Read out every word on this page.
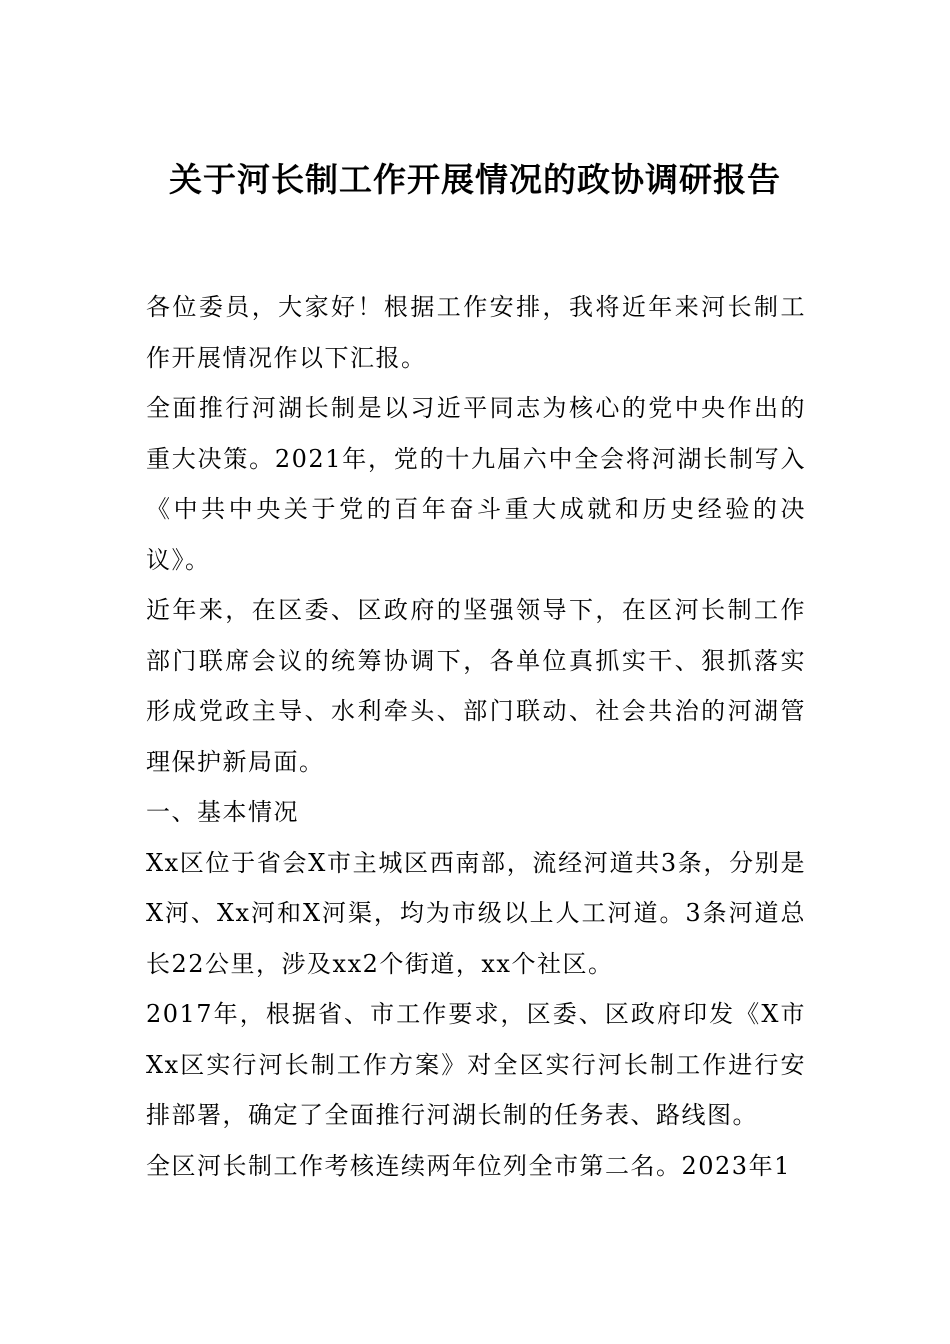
关于河长制工作开展情况的政协调研报告

各位委员，大家好！根据工作安排，我将近年来河长制工作开展情况作以下汇报。

全面推行河湖长制是以习近平同志为核心的党中央作出的重大决策。2021年，党的十九届六中全会将河湖长制写入《中共中央关于党的百年奋斗重大成就和历史经验的决议》。

近年来，在区委、区政府的坚强领导下，在区河长制工作部门联席会议的统筹协调下，各单位真抓实干、狠抓落实形成党政主导、水利牵头、部门联动、社会共治的河湖管理保护新局面。

一、基本情况

Xx区位于省会X市主城区西南部，流经河道共3条，分别是X河、Xx河和X河渠，均为市级以上人工河道。3条河道总长22公里，涉及xx2个街道，xx个社区。

2017年，根据省、市工作要求，区委、区政府印发《X市Xx区实行河长制工作方案》对全区实行河长制工作进行安排部署，确定了全面推行河湖长制的任务表、路线图。

全区河长制工作考核连续两年位列全市第二名。2023年1
